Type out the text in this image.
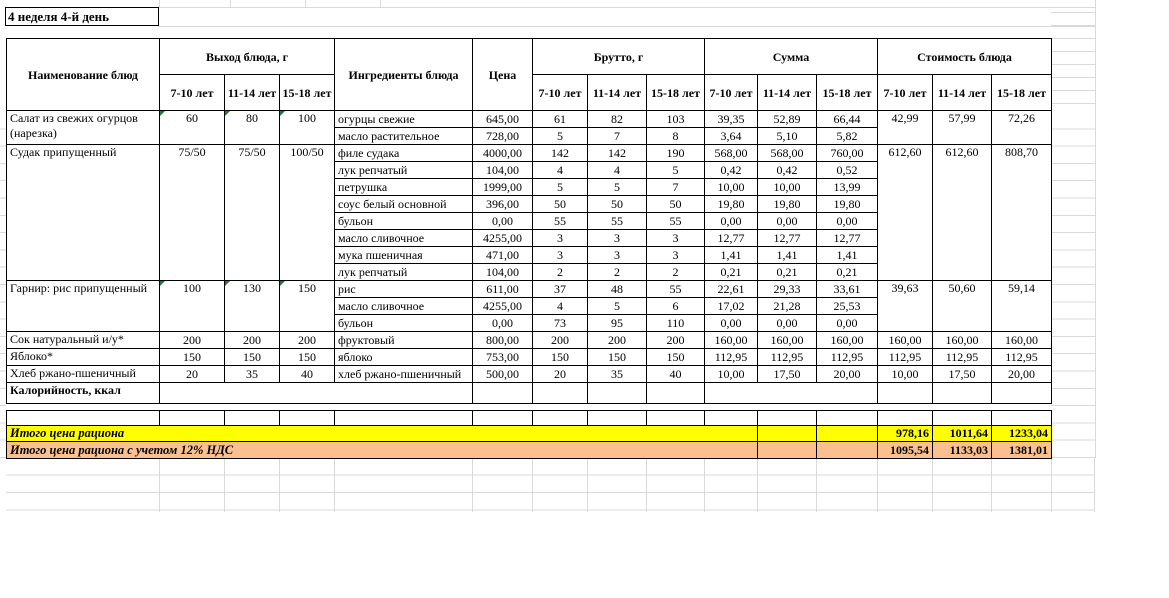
4 неделя 4-й день
Наименование блюд	Выход блюда, г			Ингредиенты блюда	Цена	Брутто, г			Сумма			Стоимость блюда		
	7-10 лет	11-14 лет	15-18 лет			7-10 лет	11-14 лет	15-18 лет	7-10 лет	11-14 лет	15-18 лет	7-10 лет	11-14 лет	15-18 лет
Салат из свежих огурцов (нарезка)	60	80	100	огурцы свежие	645,00	61	82	103	39,35	52,89	66,44	42,99	57,99	72,26
				масло растительное	728,00	5	7	8	3,64	5,10	5,82			
Судак припущенный	75/50	75/50	100/50	филе судака	4000,00	142	142	190	568,00	568,00	760,00	612,60	612,60	808,70
				лук репчатый	104,00	4	4	5	0,42	0,42	0,52			
				петрушка	1999,00	5	5	7	10,00	10,00	13,99			
				соус белый основной	396,00	50	50	50	19,80	19,80	19,80			
				бульон	0,00	55	55	55	0,00	0,00	0,00			
				масло сливочное	4255,00	3	3	3	12,77	12,77	12,77			
				мука пшеничная	471,00	3	3	3	1,41	1,41	1,41			
				лук репчатый	104,00	2	2	2	0,21	0,21	0,21			
Гарнир: рис припущенный	100	130	150	рис	611,00	37	48	55	22,61	29,33	33,61	39,63	50,60	59,14
				масло сливочное	4255,00	4	5	6	17,02	21,28	25,53			
				бульон	0,00	73	95	110	0,00	0,00	0,00			
Сок натуральный и/у*	200	200	200	фруктовый	800,00	200	200	200	160,00	160,00	160,00	160,00	160,00	160,00
Яблоко*	150	150	150	яблоко	753,00	150	150	150	112,95	112,95	112,95	112,95	112,95	112,95
Хлеб ржано-пшеничный	20	35	40	хлеб ржано-пшеничный	500,00	20	35	40	10,00	17,50	20,00	10,00	17,50	20,00
Калорийность, ккал														

Итого цена рациона												978,16	1011,64	1233,04
Итого цена рациона с учетом 12% НДС												1095,54	1133,03	1381,01
